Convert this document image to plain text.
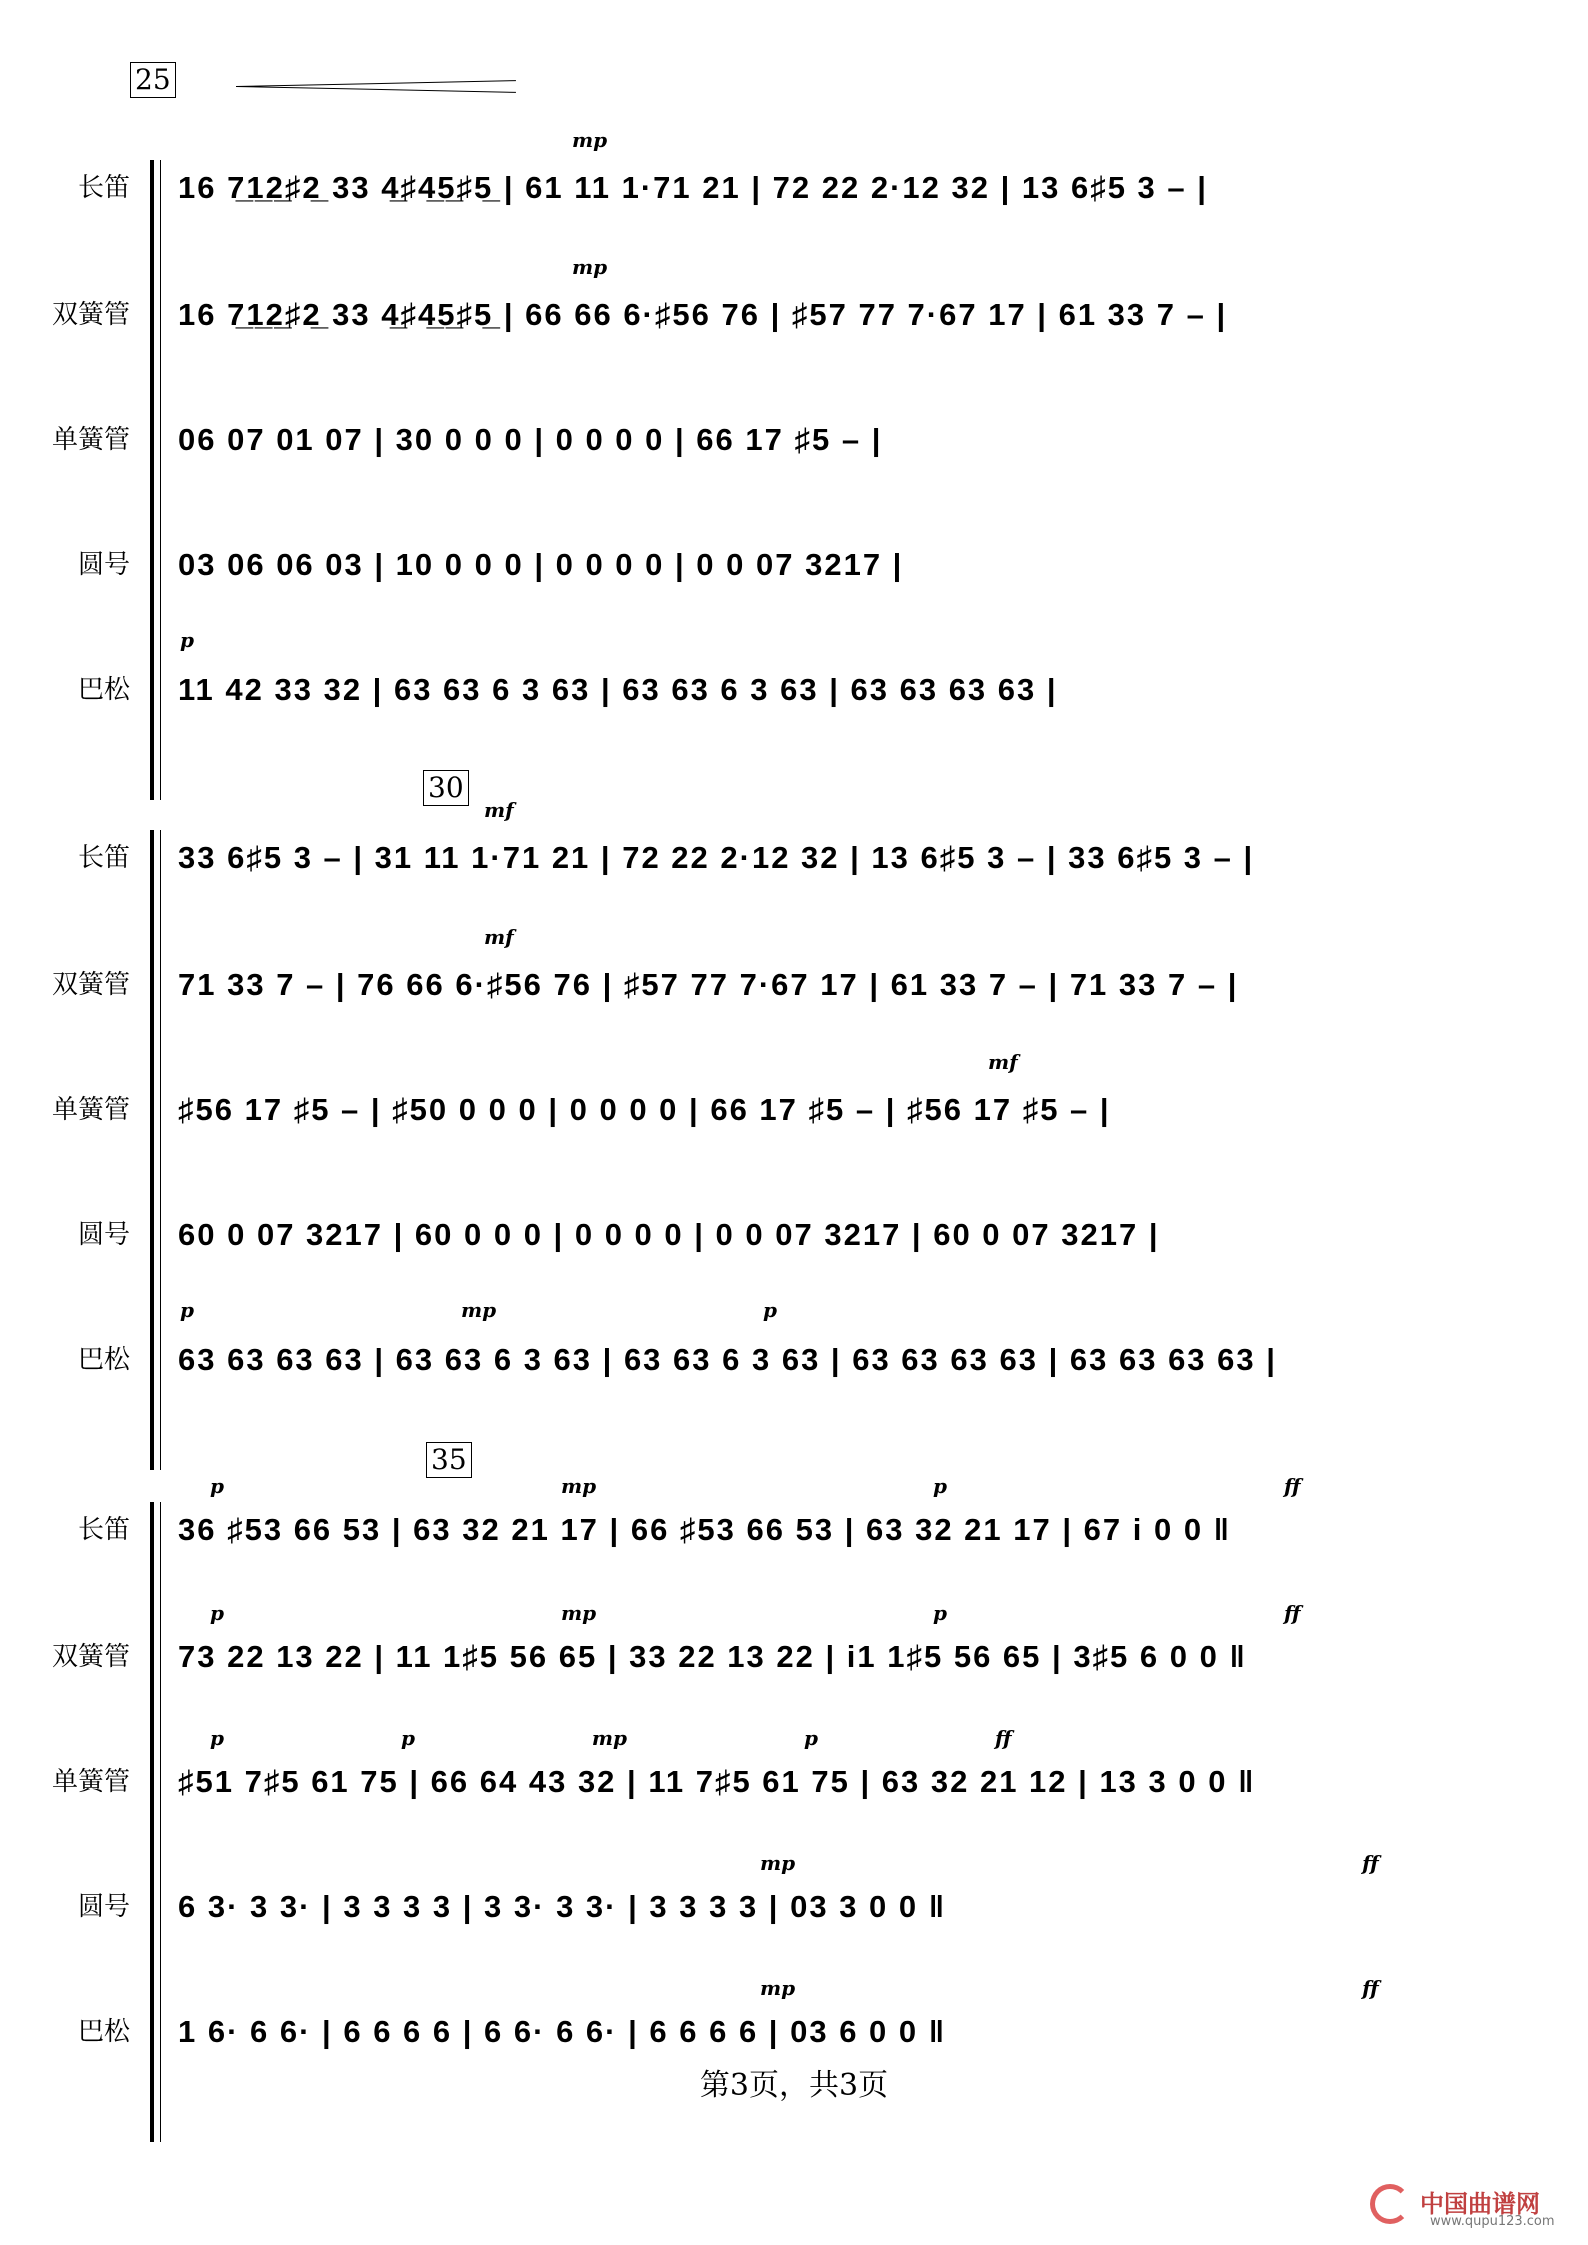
25
长笛
mp
16 7̲1̲2̲♯2̲ 33 4̲♯4̲5̲♯5̲ | 61 11 1·71 21 | 72 22 2·12 32 | 13 6♯5 3 – |
双簧管
mp
16 7̲1̲2̲♯2̲ 33 4̲♯4̲5̲♯5̲ | 66 66 6·♯56 76 | ♯57 77 7·67 17 | 61 33 7 – |
单簧管 06 07 01 07 | 30 0 0 0 | 0 0 0 0 | 66 17 ♯5 – |
圆号 03 06 06 03 | 10 0 0 0 | 0 0 0 0 | 0 0 07 3217 |
巴松
p
11 42 33 32 | 63 63 6 3 63 | 63 63 6 3 63 | 63 63 63 63 |
30
长笛
mf
33 6♯5 3 – | 31 11 1·71 21 | 72 22 2·12 32 | 13 6♯5 3 – | 33 6♯5 3 – |
双簧管
mf
71 33 7 – | 76 66 6·♯56 76 | ♯57 77 7·67 17 | 61 33 7 – | 71 33 7 – |
单簧管
mf
♯56 17 ♯5 – | ♯50 0 0 0 | 0 0 0 0 | 66 17 ♯5 – | ♯56 17 ♯5 – |
圆号 60 0 07 3217 | 60 0 0 0 | 0 0 0 0 | 0 0 07 3217 | 60 0 07 3217 |
巴松
p mp p
63 63 63 63 | 63 63 6 3 63 | 63 63 6 3 63 | 63 63 63 63 | 63 63 63 63 |
35
长笛
p mp p ff
36 ♯53 66 53 | 63 32 21 17 | 66 ♯53 66 53 | 63 32 21 17 | 67 i 0 0 ‖
双簧管
p mp p ff
73 22 13 22 | 11 1♯5 56 65 | 33 22 13 22 | i1 1♯5 56 65 | 3♯5 6 0 0 ‖
单簧管
p p mp p ff
♯51 7♯5 61 75 | 66 64 43 32 | 11 7♯5 61 75 | 63 32 21 12 | 13 3 0 0 ‖
圆号
mp ff
6 3· 3 3· | 3 3 3 3 | 3 3· 3 3· | 3 3 3 3 | 03 3 0 0 ‖
巴松
mp ff
1 6· 6 6· | 6 6 6 6 | 6 6· 6 6· | 6 6 6 6 | 03 6 0 0 ‖
第3页，共3页
中国曲谱网
www.qupu123.com
